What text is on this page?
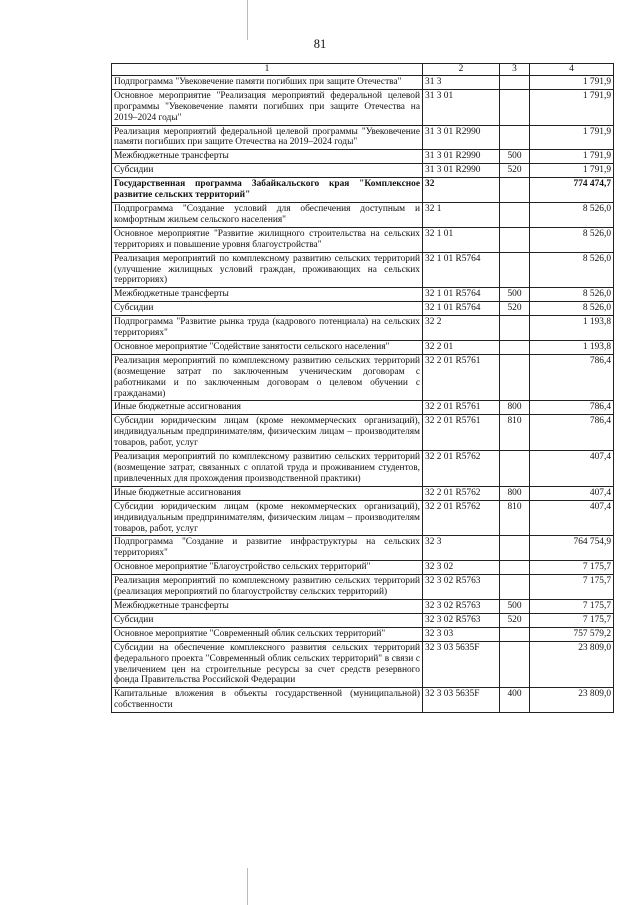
81
1	2	3	4
Подпрограмма "Увековечение памяти погибших при защите Отечества"	31 3		1 791,9
Основное мероприятие "Реализация мероприятий федеральной целевой программы "Увековечение памяти погибших при защите Отечества на 2019–2024 годы"	31 3 01		1 791,9
Реализация мероприятий федеральной целевой программы "Увековечение памяти погибших при защите Отечества на 2019–2024 годы"	31 3 01 R2990		1 791,9
Межбюджетные трансферты	31 3 01 R2990	500	1 791,9
Субсидии	31 3 01 R2990	520	1 791,9
Государственная программа Забайкальского края "Комплексное развитие сельских территорий"	32		774 474,7
Подпрограмма "Создание условий для обеспечения доступным и комфортным жильем сельского населения"	32 1		8 526,0
Основное мероприятие "Развитие жилищного строительства на сельских территориях и повышение уровня благоустройства"	32 1 01		8 526,0
Реализация мероприятий по комплексному развитию сельских территорий (улучшение жилищных условий граждан, проживающих на сельских территориях)	32 1 01 R5764		8 526,0
Межбюджетные трансферты	32 1 01 R5764	500	8 526,0
Субсидии	32 1 01 R5764	520	8 526,0
Подпрограмма "Развитие рынка труда (кадрового потенциала) на сельских территориях"	32 2		1 193,8
Основное мероприятие "Содействие занятости сельского населения"	32 2 01		1 193,8
Реализация мероприятий по комплексному развитию сельских территорий (возмещение затрат по заключенным ученическим договорам с работниками и по заключенным договорам о целевом обучении с гражданами)	32 2 01 R5761		786,4
Иные бюджетные ассигнования	32 2 01 R5761	800	786,4
Субсидии юридическим лицам (кроме некоммерческих организаций), индивидуальным предпринимателям, физическим лицам – производителям товаров, работ, услуг	32 2 01 R5761	810	786,4
Реализация мероприятий по комплексному развитию сельских территорий (возмещение затрат, связанных с оплатой труда и проживанием студентов, привлеченных для прохождения производственной практики)	32 2 01 R5762		407,4
Иные бюджетные ассигнования	32 2 01 R5762	800	407,4
Субсидии юридическим лицам (кроме некоммерческих организаций), индивидуальным предпринимателям, физическим лицам – производителям товаров, работ, услуг	32 2 01 R5762	810	407,4
Подпрограмма "Создание и развитие инфраструктуры на сельских территориях"	32 3		764 754,9
Основное мероприятие "Благоустройство сельских территорий"	32 3 02		7 175,7
Реализация мероприятий по комплексному развитию сельских территорий (реализация мероприятий по благоустройству сельских территорий)	32 3 02 R5763		7 175,7
Межбюджетные трансферты	32 3 02 R5763	500	7 175,7
Субсидии	32 3 02 R5763	520	7 175,7
Основное мероприятие "Современный облик сельских территорий"	32 3 03		757 579,2
Субсидии на обеспечение комплексного развития сельских территорий федерального проекта "Современный облик сельских территорий" в связи с увеличением цен на строительные ресурсы за счет средств резервного фонда Правительства Российской Федерации	32 3 03 5635F		23 809,0
Капитальные вложения в объекты государственной (муниципальной) собственности	32 3 03 5635F	400	23 809,0
